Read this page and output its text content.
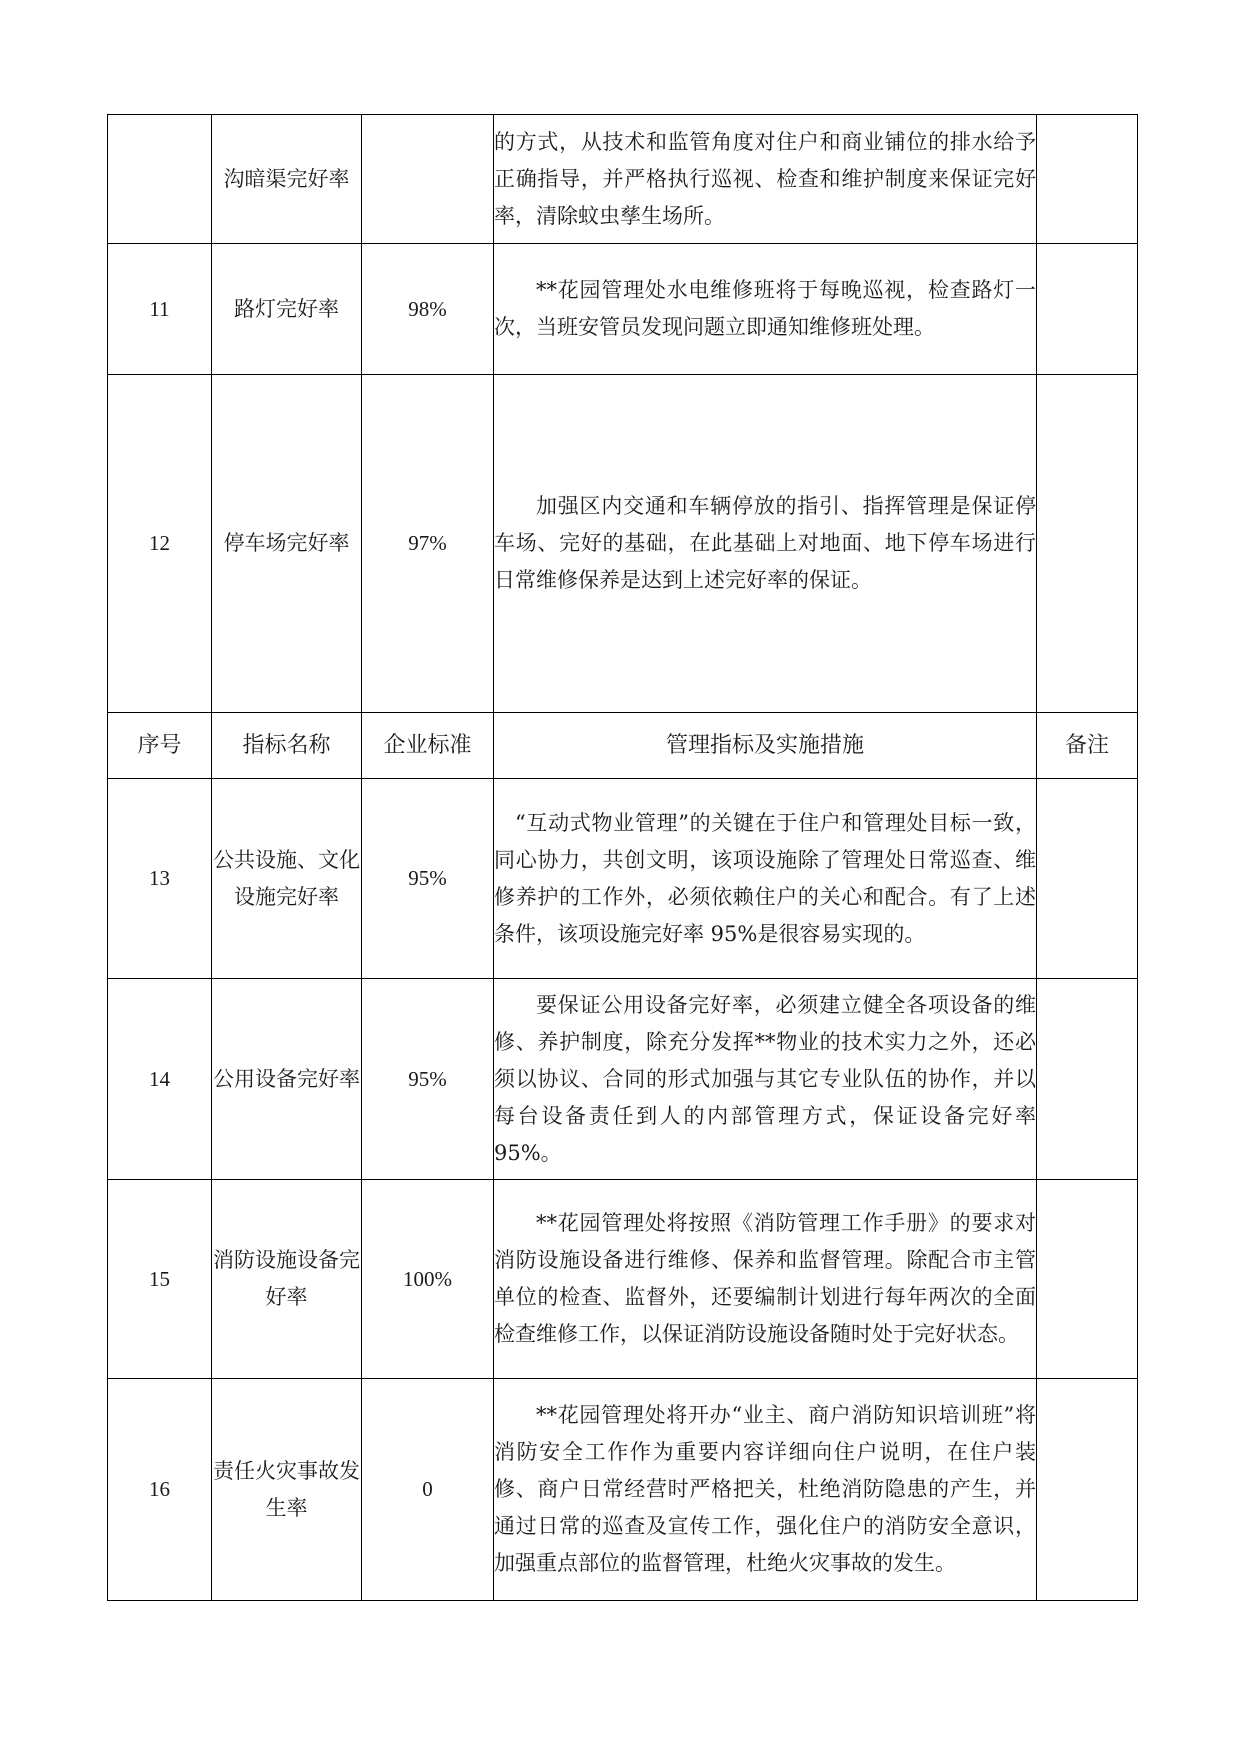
	沟暗渠完好率		的方式，从技术和监管角度对住户和商业铺位的排水给予正确指导，并严格执行巡视、检查和维护制度来保证完好率，清除蚊虫孳生场所。	

11	路灯完好率	98%	**花园管理处水电维修班将于每晚巡视，检查路灯一次，当班安管员发现问题立即通知维修班处理。	

12	停车场完好率	97%	加强区内交通和车辆停放的指引、指挥管理是保证停车场、完好的基础，在此基础上对地面、地下停车场进行日常维修保养是达到上述完好率的保证。	

序号	指标名称	企业标准	管理指标及实施措施	备注
13	公共设施、文化设施完好率	95%	“互动式物业管理”的关键在于住户和管理处目标一致，同心协力，共创文明，该项设施除了管理处日常巡查、维修养护的工作外，必须依赖住户的关心和配合。有了上述条件，该项设施完好率 95%是很容易实现的。	

14	公用设备完好率	95%	要保证公用设备完好率，必须建立健全各项设备的维修、养护制度，除充分发挥**物业的技术实力之外，还必须以协议、合同的形式加强与其它专业队伍的协作，并以每台设备责任到人的内部管理方式，保证设备完好率 95%。	

15	消防设施设备完好率	100%	**花园管理处将按照《消防管理工作手册》的要求对消防设施设备进行维修、保养和监督管理。除配合市主管单位的检查、监督外，还要编制计划进行每年两次的全面检查维修工作，以保证消防设施设备随时处于完好状态。	

16	责任火灾事故发生率	0	**花园管理处将开办“业主、商户消防知识培训班”将消防安全工作作为重要内容详细向住户说明，在住户装修、商户日常经营时严格把关，杜绝消防隐患的产生，并通过日常的巡查及宣传工作，强化住户的消防安全意识，加强重点部位的监督管理，杜绝火灾事故的发生。	
